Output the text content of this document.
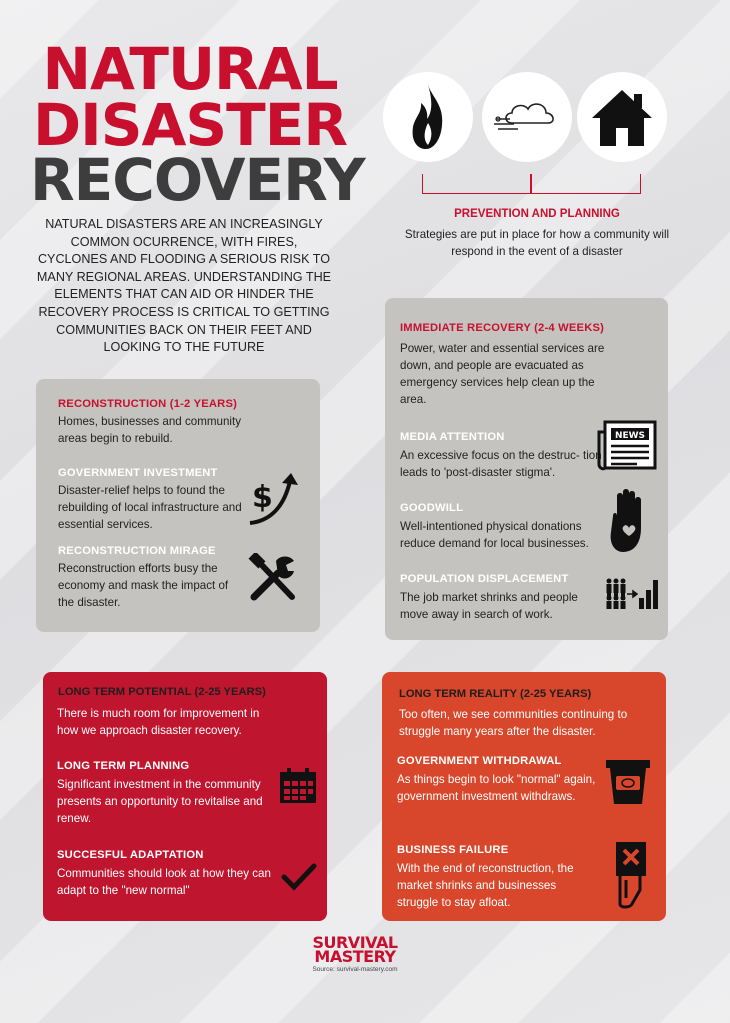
NATURAL
DISASTER
RECOVERY
NATURAL DISASTERS ARE AN INCREASINGLY COMMON OCURRENCE, WITH FIRES, CYCLONES AND FLOODING A SERIOUS RISK TO MANY REGIONAL AREAS. UNDERSTANDING THE ELEMENTS THAT CAN AID OR HINDER THE RECOVERY PROCESS IS CRITICAL TO GETTING COMMUNITIES BACK ON THEIR FEET AND LOOKING TO THE FUTURE
PREVENTION AND PLANNING
Strategies are put in place for how a community will respond in the event of a disaster
RECONSTRUCTION (1-2 YEARS)
Homes, businesses and community areas begin to rebuild.
GOVERNMENT INVESTMENT
Disaster-relief helps to found the rebuilding of local infrastructure and essential services.
$
RECONSTRUCTION MIRAGE
Reconstruction efforts busy the economy and mask the impact of the disaster.
IMMEDIATE RECOVERY (2-4 WEEKS)
Power, water and essential services are down, and people are evacuated as emergency services help clean up the area.
MEDIA ATTENTION
An excessive focus on the destruc- tion leads to 'post-disaster stigma'.
NEWS
GOODWILL
Well-intentioned physical donations reduce demand for local businesses.
POPULATION DISPLACEMENT
The job market shrinks and people move away in search of work.
LONG TERM POTENTIAL (2-25 YEARS)
There is much room for improvement in how we approach disaster recovery.
LONG TERM PLANNING
Significant investment in the community presents an opportunity to revitalise and renew.
SUCCESFUL ADAPTATION
Communities should look at how they can adapt to the "new normal"
LONG TERM REALITY (2-25 YEARS)
Too often, we see communities continuing to struggle many years after the disaster.
GOVERNMENT WITHDRAWAL
As things begin to look "normal" again, government investment withdraws.
BUSINESS FAILURE
With the end of reconstruction, the market shrinks and businesses struggle to stay afloat.
SURVIVAL
MASTERY
Source: survival-mastery.com
